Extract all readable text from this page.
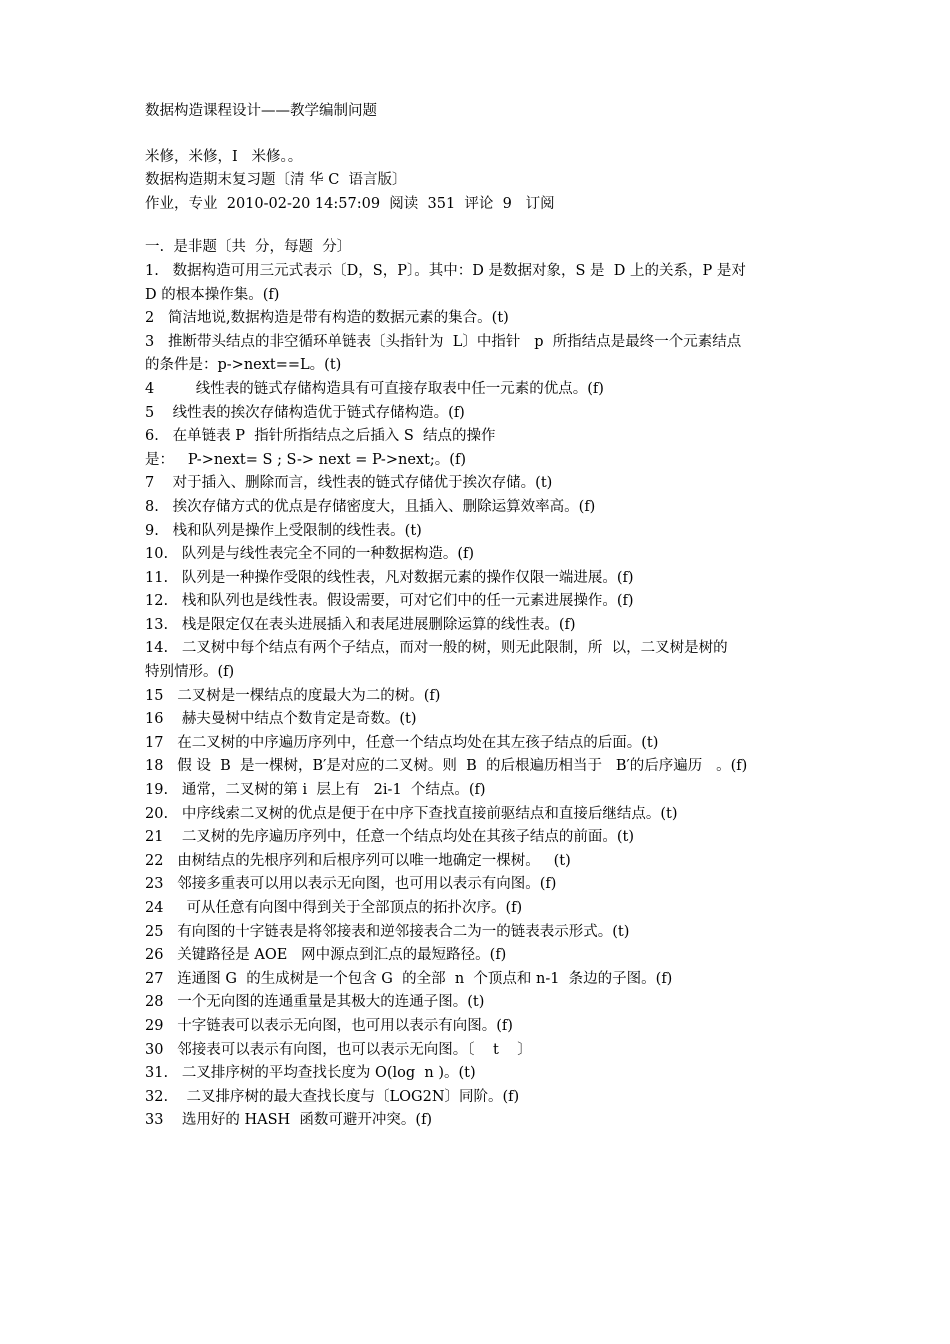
数据构造课程设计——教学编制问题
米修，米修，I   米修。。
数据构造期末复习题〔清 华 C  语言版〕
作业，专业  2010-02-20 14:57:09  阅读  351  评论  9   订阅
一.  是非题〔共  分，每题  分〕
1.   数据构造可用三元式表示〔D，S，P〕。其中：D 是数据对象，S 是  D 上的关系，P 是对
D 的根本操作集。(f)
2   简洁地说,数据构造是带有构造的数据元素的集合。(t)
3   推断带头结点的非空循环单链表〔头指针为  L〕中指针   p  所指结点是最终一个元素结点
的条件是：p->next==L。(t)
4         线性表的链式存储构造具有可直接存取表中任一元素的优点。(f)
5    线性表的挨次存储构造优于链式存储构造。(f)
6.   在单链表 P  指针所指结点之后插入 S  结点的操作
是：   P->next= S ; S-> next = P->next;。(f)
7    对于插入、删除而言，线性表的链式存储优于挨次存储。(t)
8.   挨次存储方式的优点是存储密度大，且插入、删除运算效率高。(f)
9.   栈和队列是操作上受限制的线性表。(t)
10.   队列是与线性表完全不同的一种数据构造。(f)
11.   队列是一种操作受限的线性表，凡对数据元素的操作仅限一端进展。(f)
12.   栈和队列也是线性表。假设需要，可对它们中的任一元素进展操作。(f)
13.   栈是限定仅在表头进展插入和表尾进展删除运算的线性表。(f)
14.   二叉树中每个结点有两个子结点，而对一般的树，则无此限制，所  以，二叉树是树的
特别情形。(f)
15   二叉树是一棵结点的度最大为二的树。(f)
16    赫夫曼树中结点个数肯定是奇数。(t)
17   在二叉树的中序遍历序列中，任意一个结点均处在其左孩子结点的后面。(t)
18   假 设  B  是一棵树，B′是对应的二叉树。则  B  的后根遍历相当于   B′的后序遍历   。(f)
19.   通常，二叉树的第 i  层上有   2i-1  个结点。(f)
20.   中序线索二叉树的优点是便于在中序下查找直接前驱结点和直接后继结点。(t)
21    二叉树的先序遍历序列中，任意一个结点均处在其孩子结点的前面。(t)
22   由树结点的先根序列和后根序列可以唯一地确定一棵树。   (t)
23   邻接多重表可以用以表示无向图，也可用以表示有向图。(f)
24     可从任意有向图中得到关于全部顶点的拓扑次序。(f)
25   有向图的十字链表是将邻接表和逆邻接表合二为一的链表表示形式。(t)
26   关键路径是 AOE   网中源点到汇点的最短路径。(f)
27   连通图 G  的生成树是一个包含 G  的全部  n  个顶点和 n-1  条边的子图。(f)
28   一个无向图的连通重量是其极大的连通子图。(t)
29   十字链表可以表示无向图，也可用以表示有向图。(f)
30   邻接表可以表示有向图，也可以表示无向图。〔    t    〕
31.   二叉排序树的平均查找长度为 O(log  n )。(t)
32.    二叉排序树的最大查找长度与〔LOG2N〕同阶。(f)
33    选用好的 HASH  函数可避开冲突。(f)
